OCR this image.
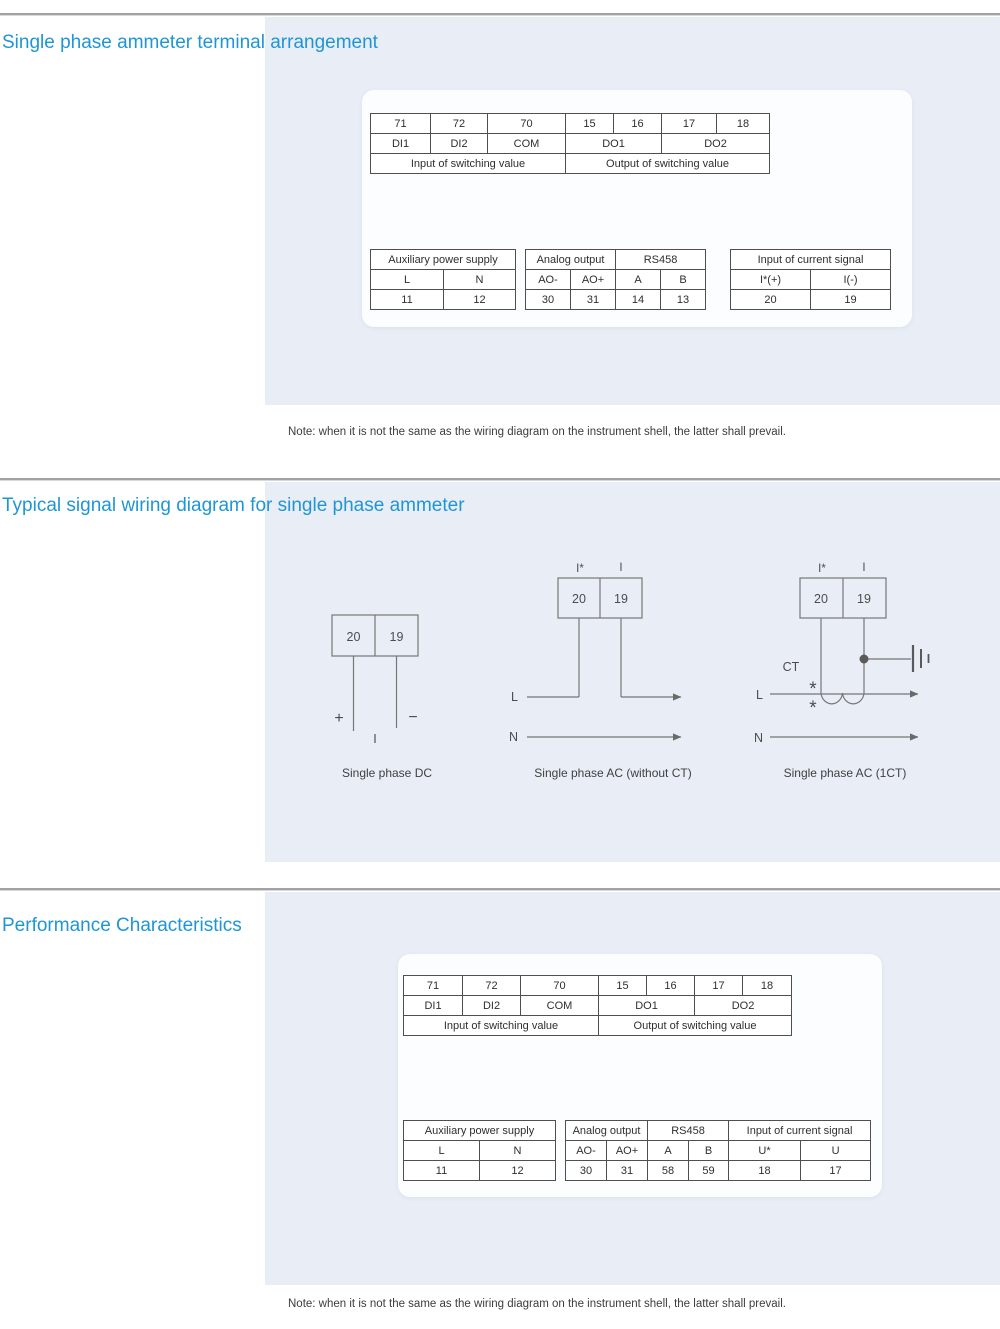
Single phase ammeter terminal arrangement
71	72	70	15	16	17	18
DI1	DI2	COM	DO1		DO2	
Input of switching value			Output of switching value			
Auxiliary power supply	
L	N
11	12
Analog output		RS458	
AO-	AO+	A	B
30	31	14	13
Input of current signal	
I*(+)	I(-)
20	19
Note: when it is not the same as the wiring diagram on the instrument shell, the latter shall prevail.
Typical signal wiring diagram for single phase ammeter
20 19
+	−
I
Single phase DC
I*	I
20 19
L
N
Single phase AC (without CT)
I*	I
20 19
CT
*
*
L
N
Single phase AC (1CT)
Performance Characteristics
71	72	70	15	16	17	18
DI1	DI2	COM	DO1		DO2	
Input of switching value			Output of switching value			
Auxiliary power supply	
L	N
11	12
Analog output		RS458		Input of current signal	
AO-	AO+	A	B	U*	U
30	31	58	59	18	17
Note: when it is not the same as the wiring diagram on the instrument shell, the latter shall prevail.
